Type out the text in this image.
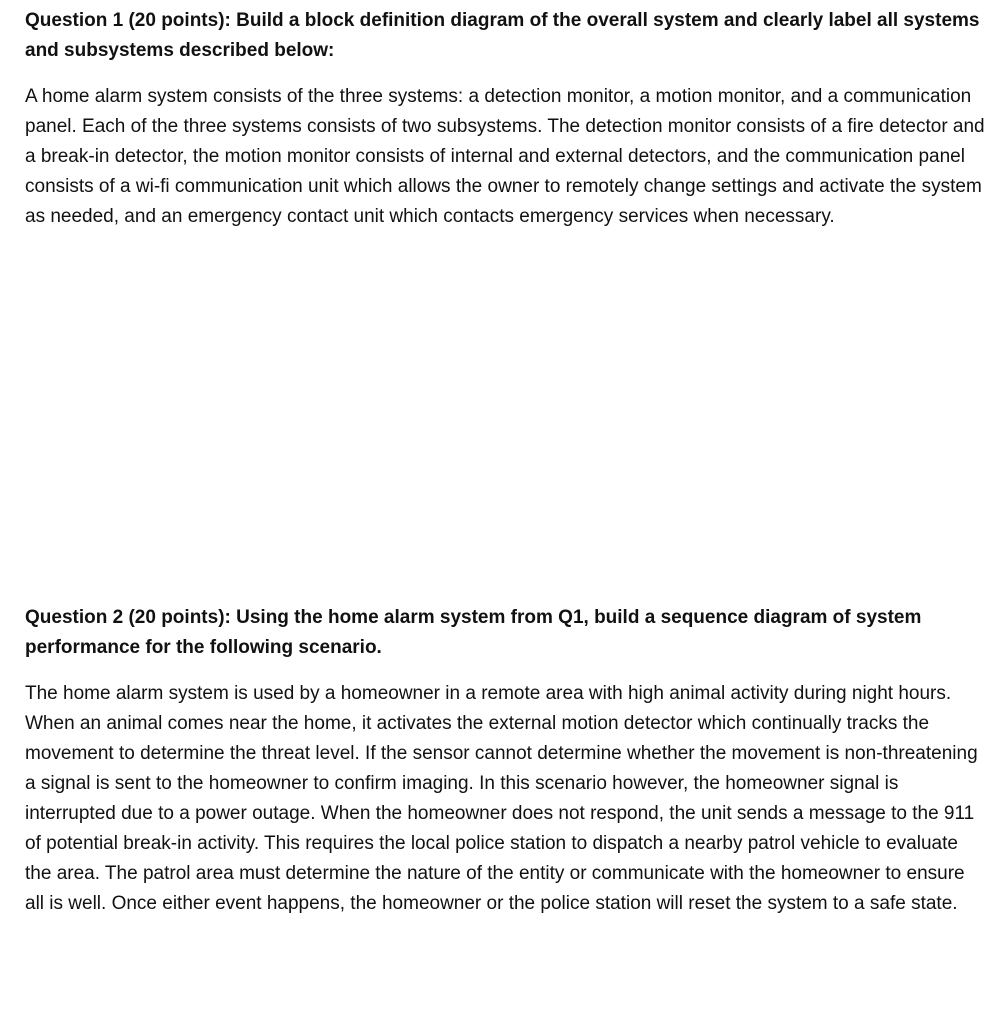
Question 1 (20 points): Build a block definition diagram of the overall system and clearly label all systems and subsystems described below:

A home alarm system consists of the three systems: a detection monitor, a motion monitor, and a communication panel. Each of the three systems consists of two subsystems. The detection monitor consists of a fire detector and a break-in detector, the motion monitor consists of internal and external detectors, and the communication panel consists of a wi-fi communication unit which allows the owner to remotely change settings and activate the system as needed, and an emergency contact unit which contacts emergency services when necessary.

Question 2 (20 points): Using the home alarm system from Q1, build a sequence diagram of system performance for the following scenario.

The home alarm system is used by a homeowner in a remote area with high animal activity during night hours. When an animal comes near the home, it activates the external motion detector which continually tracks the movement to determine the threat level. If the sensor cannot determine whether the movement is non-threatening a signal is sent to the homeowner to confirm imaging. In this scenario however, the homeowner signal is interrupted due to a power outage. When the homeowner does not respond, the unit sends a message to the 911 of potential break-in activity. This requires the local police station to dispatch a nearby patrol vehicle to evaluate the area. The patrol area must determine the nature of the entity or communicate with the homeowner to ensure all is well. Once either event happens, the homeowner or the police station will reset the system to a safe state.
